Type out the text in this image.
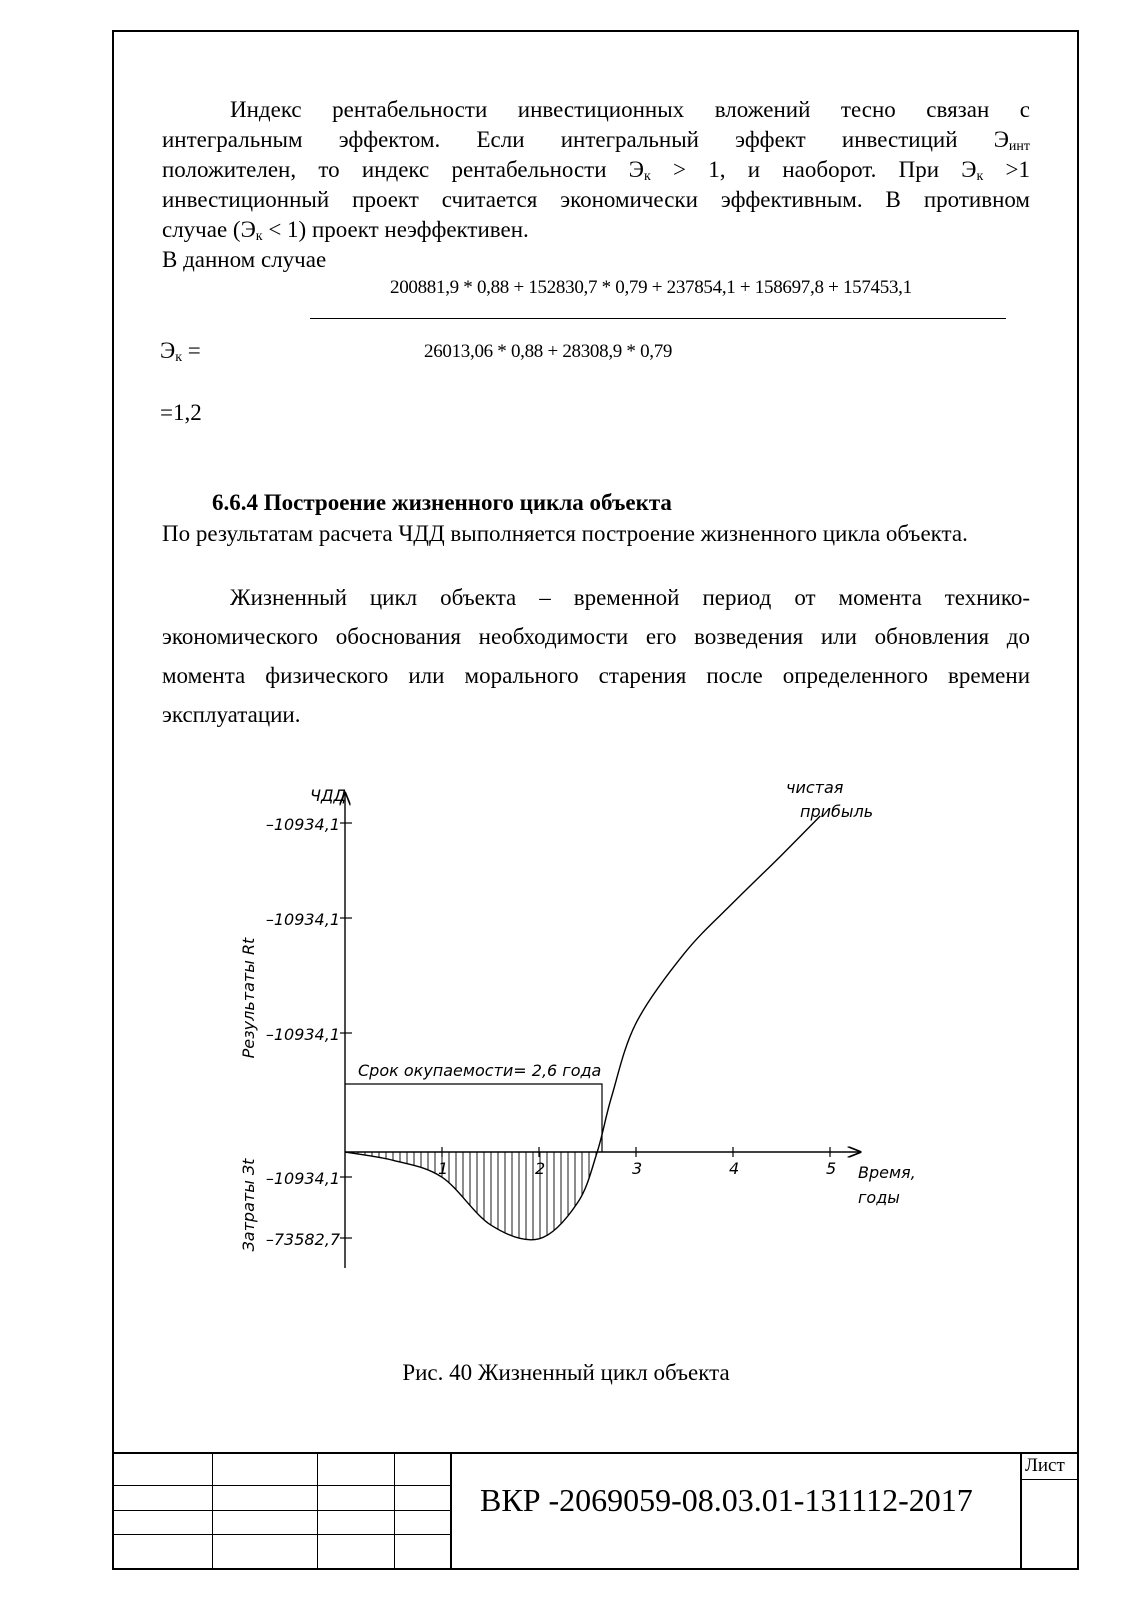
Индекс рентабельности инвестиционных вложений тесно связан с
интегральным эффектом. Если интегральный эффект инвестиций $Э_{инт}$
положителен, то индекс рентабельности $Э_к > 1$, и наоборот. При $Э_к >1$
инвестиционный проект считается экономически эффективным. В противном
случае $(Э_к < 1)$ проект неэффективен.
В данном случае
200881,9 * 0,88 + 152830,7 * 0,79 + 237854,1 + 158697,8 + 157453,1
$Э_к$ =	26013,06 * 0,88 + 28308,9 * 0,79
=1,2
6.6.4 Построение жизненного цикла объекта
По результатам расчета ЧДД выполняется построение жизненного цикла объекта.
Жизненный цикл объекта – временной период от момента технико-экономического обоснования необходимости его возведения или обновления до момента физического или морального старения после определенного времени эксплуатации.
–10934,1
–10934,1
–10934,1
–10934,1
–73582,7
ЧДД
Результаты Rt
Затраты Зt	1	2	3	4	5 Время,
годы
Срок окупаемости= 2,6 года
чистая
прибыль
Рис. 40 Жизненный цикл объекта
ВКР -2069059-08.03.01-131112-2017
Лист
